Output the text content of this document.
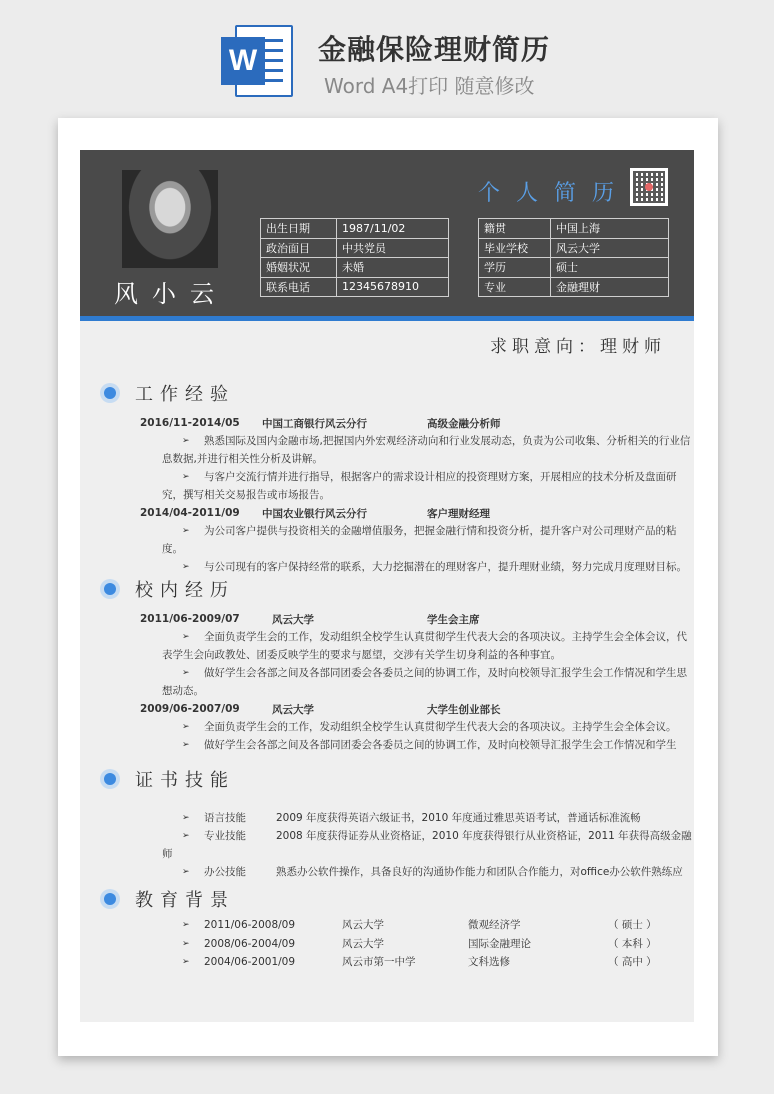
W 金融保险理财简历
Word A4打印 随意修改
风小云
个人简历
出生日期	1987/11/02
政治面目	中共党员
婚姻状况	未婚
联系电话	12345678910
籍贯	中国上海
毕业学校	风云大学
学历	硕士
专业	金融理财
求职意向：理财师
工作经验
2016/11-2014/05	中国工商银行风云分行	高级金融分析师
➢ 熟悉国际及国内金融市场,把握国内外宏观经济动向和行业发展动态，负责为公司收集、分析相关的行业信息数据,并进行相关性分析及讲解。
➢ 与客户交流行情并进行指导，根据客户的需求设计相应的投资理财方案，开展相应的技术分析及盘面研究，撰写相关交易报告或市场报告。
2014/04-2011/09	中国农业银行风云分行	客户理财经理
➢ 为公司客户提供与投资相关的金融增值服务，把握金融行情和投资分析，提升客户对公司理财产品的粘度。
➢ 与公司现有的客户保持经常的联系，大力挖掘潜在的理财客户，提升理财业绩，努力完成月度理财目标。
校内经历
2011/06-2009/07	风云大学	学生会主席
➢ 全面负责学生会的工作，发动组织全校学生认真贯彻学生代表大会的各项决议。主持学生会全体会议，代表学生会向政教处、团委反映学生的要求与愿望，交涉有关学生切身利益的各种事宜。
➢ 做好学生会各部之间及各部同团委会各委员之间的协调工作，及时向校领导汇报学生会工作情况和学生思想动态。
2009/06-2007/09	风云大学	大学生创业部长
➢ 全面负责学生会的工作，发动组织全校学生认真贯彻学生代表大会的各项决议。主持学生会全体会议。
➢ 做好学生会各部之间及各部同团委会各委员之间的协调工作，及时向校领导汇报学生会工作情况和学生
证书技能
➢ 语言技能	2009 年度获得英语六级证书，2010 年度通过雅思英语考试，普通话标准流畅
➢ 专业技能	2008 年度获得证券从业资格证，2010 年度获得银行从业资格证，2011 年获得高级金融师
➢ 办公技能	熟悉办公软件操作，具备良好的沟通协作能力和团队合作能力，对office办公软件熟练应
教育背景
➢ 2011/06-2008/09	风云大学	微观经济学	（ 硕士 ）
➢ 2008/06-2004/09	风云大学	国际金融理论	（ 本科 ）
➢ 2004/06-2001/09	风云市第一中学	文科选修	（ 高中 ）
